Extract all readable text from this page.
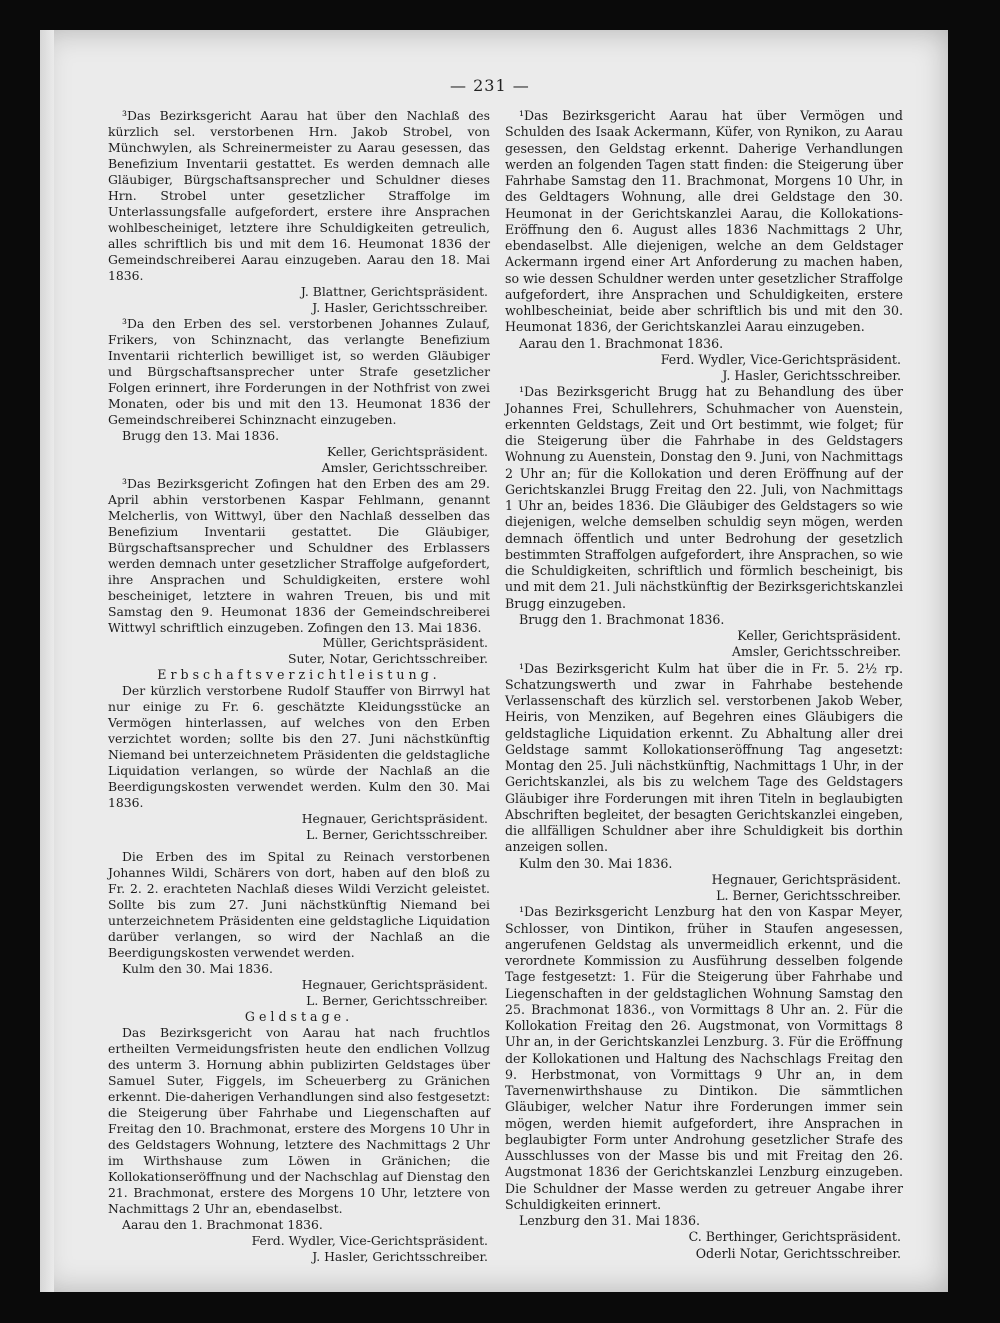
— 231 —

³Das Bezirksgericht Aarau hat über den Nachlaß des kürzlich sel. verstorbenen Hrn. Jakob Strobel, von Münchwylen, als Schreinermeister zu Aarau gesessen, das Benefizium Inventarii gestattet. Es werden demnach alle Gläubiger, Bürgschaftsansprecher und Schuldner dieses Hrn. Strobel unter gesetzlicher Straffolge im Unterlassungsfalle aufgefordert, erstere ihre Ansprachen wohlbescheiniget, letztere ihre Schuldigkeiten getreulich, alles schriftlich bis und mit dem 16. Heumonat 1836 der Gemeindschreiberei Aarau einzugeben. Aarau den 18. Mai 1836.

J. Blattner, Gerichtspräsident.

J. Hasler, Gerichtsschreiber.

³Da den Erben des sel. verstorbenen Johannes Zulauf, Frikers, von Schinznacht, das verlangte Benefizium Inventarii richterlich bewilliget ist, so werden Gläubiger und Bürgschaftsansprecher unter Strafe gesetzlicher Folgen erinnert, ihre Forderungen in der Nothfrist von zwei Monaten, oder bis und mit den 13. Heumonat 1836 der Gemeindschreiberei Schinznacht einzugeben.

Brugg den 13. Mai 1836.

Keller, Gerichtspräsident.

Amsler, Gerichtsschreiber.

³Das Bezirksgericht Zofingen hat den Erben des am 29. April abhin verstorbenen Kaspar Fehlmann, genannt Melcherlis, von Wittwyl, über den Nachlaß desselben das Benefizium Inventarii gestattet. Die Gläubiger, Bürgschaftsansprecher und Schuldner des Erblassers werden demnach unter gesetzlicher Straffolge aufgefordert, ihre Ansprachen und Schuldigkeiten, erstere wohl bescheiniget, letztere in wahren Treuen, bis und mit Samstag den 9. Heumonat 1836 der Gemeindschreiberei Wittwyl schriftlich einzugeben. Zofingen den 13. Mai 1836.

Müller, Gerichtspräsident.

Suter, Notar, Gerichtsschreiber.

Erbschaftsverzichtleistung.

Der kürzlich verstorbene Rudolf Stauffer von Birrwyl hat nur einige zu Fr. 6. geschätzte Kleidungsstücke an Vermögen hinterlassen, auf welches von den Erben verzichtet worden; sollte bis den 27. Juni nächstkünftig Niemand bei unterzeichnetem Präsidenten die geldstagliche Liquidation verlangen, so würde der Nachlaß an die Beerdigungskosten verwendet werden. Kulm den 30. Mai 1836.

Hegnauer, Gerichtspräsident.

L. Berner, Gerichtsschreiber.

Die Erben des im Spital zu Reinach verstorbenen Johannes Wildi, Schärers von dort, haben auf den bloß zu Fr. 2. 2. erachteten Nachlaß dieses Wildi Verzicht geleistet. Sollte bis zum 27. Juni nächstkünftig Niemand bei unterzeichnetem Präsidenten eine geldstagliche Liquidation darüber verlangen, so wird der Nachlaß an die Beerdigungskosten verwendet werden.

Kulm den 30. Mai 1836.

Hegnauer, Gerichtspräsident.

L. Berner, Gerichtsschreiber.

Geldstage.

Das Bezirksgericht von Aarau hat nach fruchtlos ertheilten Vermeidungsfristen heute den endlichen Vollzug des unterm 3. Hornung abhin publizirten Geldstages über Samuel Suter, Figgels, im Scheuerberg zu Gränichen erkennt. Die-daherigen Verhandlungen sind also festgesetzt: die Steigerung über Fahrhabe und Liegenschaften auf Freitag den 10. Brachmonat, erstere des Morgens 10 Uhr in des Geldstagers Wohnung, letztere des Nachmittags 2 Uhr im Wirthshause zum Löwen in Gränichen; die Kollokationseröffnung und der Nachschlag auf Dienstag den 21. Brachmonat, erstere des Morgens 10 Uhr, letztere von Nachmittags 2 Uhr an, ebendaselbst.

Aarau den 1. Brachmonat 1836.

Ferd. Wydler, Vice-Gerichtspräsident.

J. Hasler, Gerichtsschreiber.

¹Das Bezirksgericht Aarau hat über Vermögen und Schulden des Isaak Ackermann, Küfer, von Rynikon, zu Aarau gesessen, den Geldstag erkennt. Daherige Verhandlungen werden an folgenden Tagen statt finden: die Steigerung über Fahrhabe Samstag den 11. Brachmonat, Morgens 10 Uhr, in des Geldtagers Wohnung, alle drei Geldstage den 30. Heumonat in der Gerichtskanzlei Aarau, die Kollokations-Eröffnung den 6. August alles 1836 Nachmittags 2 Uhr, ebendaselbst. Alle diejenigen, welche an dem Geldstager Ackermann irgend einer Art Anforderung zu machen haben, so wie dessen Schuldner werden unter gesetzlicher Straffolge aufgefordert, ihre Ansprachen und Schuldigkeiten, erstere wohlbescheiniat, beide aber schriftlich bis und mit den 30. Heumonat 1836, der Gerichtskanzlei Aarau einzugeben.

Aarau den 1. Brachmonat 1836.

Ferd. Wydler, Vice-Gerichtspräsident.

J. Hasler, Gerichtsschreiber.

¹Das Bezirksgericht Brugg hat zu Behandlung des über Johannes Frei, Schullehrers, Schuhmacher von Auenstein, erkennten Geldstags, Zeit und Ort bestimmt, wie folget; für die Steigerung über die Fahrhabe in des Geldstagers Wohnung zu Auenstein, Donstag den 9. Juni, von Nachmittags 2 Uhr an; für die Kollokation und deren Eröffnung auf der Gerichtskanzlei Brugg Freitag den 22. Juli, von Nachmittags 1 Uhr an, beides 1836. Die Gläubiger des Geldstagers so wie diejenigen, welche demselben schuldig seyn mögen, werden demnach öffentlich und unter Bedrohung der gesetzlich bestimmten Straffolgen aufgefordert, ihre Ansprachen, so wie die Schuldigkeiten, schriftlich und förmlich bescheinigt, bis und mit dem 21. Juli nächstkünftig der Bezirksgerichtskanzlei Brugg einzugeben.

Brugg den 1. Brachmonat 1836.

Keller, Gerichtspräsident.

Amsler, Gerichtsschreiber.

¹Das Bezirksgericht Kulm hat über die in Fr. 5. 2½ rp. Schatzungswerth und zwar in Fahrhabe bestehende Verlassenschaft des kürzlich sel. verstorbenen Jakob Weber, Heiris, von Menziken, auf Begehren eines Gläubigers die geldstagliche Liquidation erkennt. Zu Abhaltung aller drei Geldstage sammt Kollokationseröffnung Tag angesetzt: Montag den 25. Juli nächstkünftig, Nachmittags 1 Uhr, in der Gerichtskanzlei, als bis zu welchem Tage des Geldstagers Gläubiger ihre Forderungen mit ihren Titeln in beglaubigten Abschriften begleitet, der besagten Gerichtskanzlei eingeben, die allfälligen Schuldner aber ihre Schuldigkeit bis dorthin anzeigen sollen.

Kulm den 30. Mai 1836.

Hegnauer, Gerichtspräsident.

L. Berner, Gerichtsschreiber.

¹Das Bezirksgericht Lenzburg hat den von Kaspar Meyer, Schlosser, von Dintikon, früher in Staufen angesessen, angerufenen Geldstag als unvermeidlich erkennt, und die verordnete Kommission zu Ausführung desselben folgende Tage festgesetzt: 1. Für die Steigerung über Fahrhabe und Liegenschaften in der geldstaglichen Wohnung Samstag den 25. Brachmonat 1836., von Vormittags 8 Uhr an. 2. Für die Kollokation Freitag den 26. Augstmonat, von Vormittags 8 Uhr an, in der Gerichtskanzlei Lenzburg. 3. Für die Eröffnung der Kollokationen und Haltung des Nachschlags Freitag den 9. Herbstmonat, von Vormittags 9 Uhr an, in dem Tavernenwirthshause zu Dintikon. Die sämmtlichen Gläubiger, welcher Natur ihre Forderungen immer sein mögen, werden hiemit aufgefordert, ihre Ansprachen in beglaubigter Form unter Androhung gesetzlicher Strafe des Ausschlusses von der Masse bis und mit Freitag den 26. Augstmonat 1836 der Gerichtskanzlei Lenzburg einzugeben. Die Schuldner der Masse werden zu getreuer Angabe ihrer Schuldigkeiten erinnert.

Lenzburg den 31. Mai 1836.

C. Berthinger, Gerichtspräsident.

Oderli Notar, Gerichtsschreiber.
